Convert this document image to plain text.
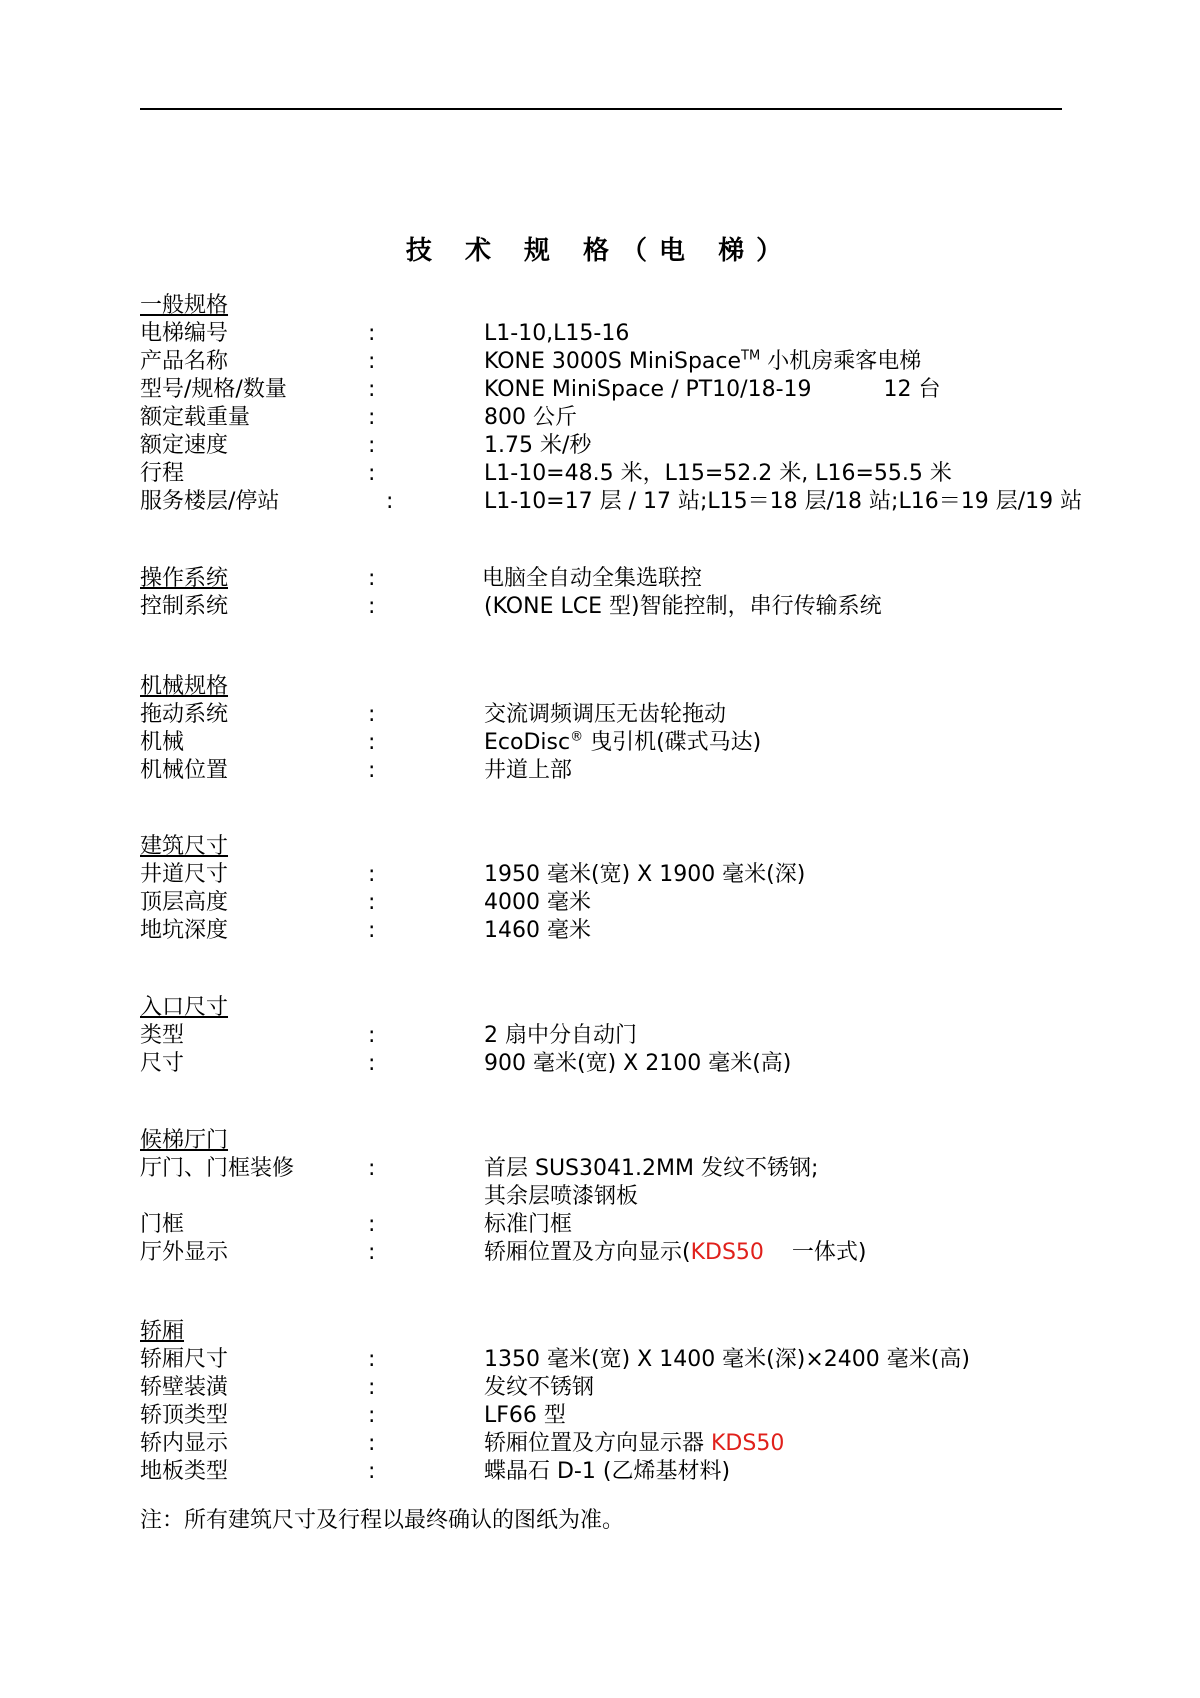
技 术 规 格（电 梯）
一般规格
电梯编号	:	L1-10,L15-16
产品名称	:	KONE 3000S MiniSpace™ 小机房乘客电梯
型号/规格/数量	:	KONE MiniSpace / PT10/18-19	12 台
额定载重量	:	800 公斤
额定速度	:	1.75 米/秒
行程	:	L1-10=48.5 米，L15=52.2 米, L16=55.5 米
服务楼层/停站	:	L1-10=17 层 / 17 站;L15＝18 层/18 站;L16＝19 层/19 站
操作系统	:	电脑全自动全集选联控
控制系统	:	(KONE LCE 型)智能控制，串行传输系统
机械规格
拖动系统	:	交流调频调压无齿轮拖动
机械	:	EcoDisc® 曳引机(碟式马达)
机械位置	:	井道上部
建筑尺寸
井道尺寸	:	1950 毫米(宽) X 1900 毫米(深)
顶层高度	:	4000 毫米
地坑深度	:	1460 毫米
入口尺寸
类型	:	2 扇中分自动门
尺寸	:	900 毫米(宽) X 2100 毫米(高)
候梯厅门
厅门、门框装修	:	首层 SUS3041.2MM 发纹不锈钢;
其余层喷漆钢板
门框	:	标准门框
厅外显示	:	轿厢位置及方向显示(KDS50    一体式)
轿厢
轿厢尺寸	:	1350 毫米(宽) X 1400 毫米(深)×2400 毫米(高)
轿壁装潢	:	发纹不锈钢
轿顶类型	:	LF66 型
轿内显示	:	轿厢位置及方向显示器 KDS50
地板类型	:	蝶晶石 D-1 (乙烯基材料)
注：所有建筑尺寸及行程以最终确认的图纸为准。
